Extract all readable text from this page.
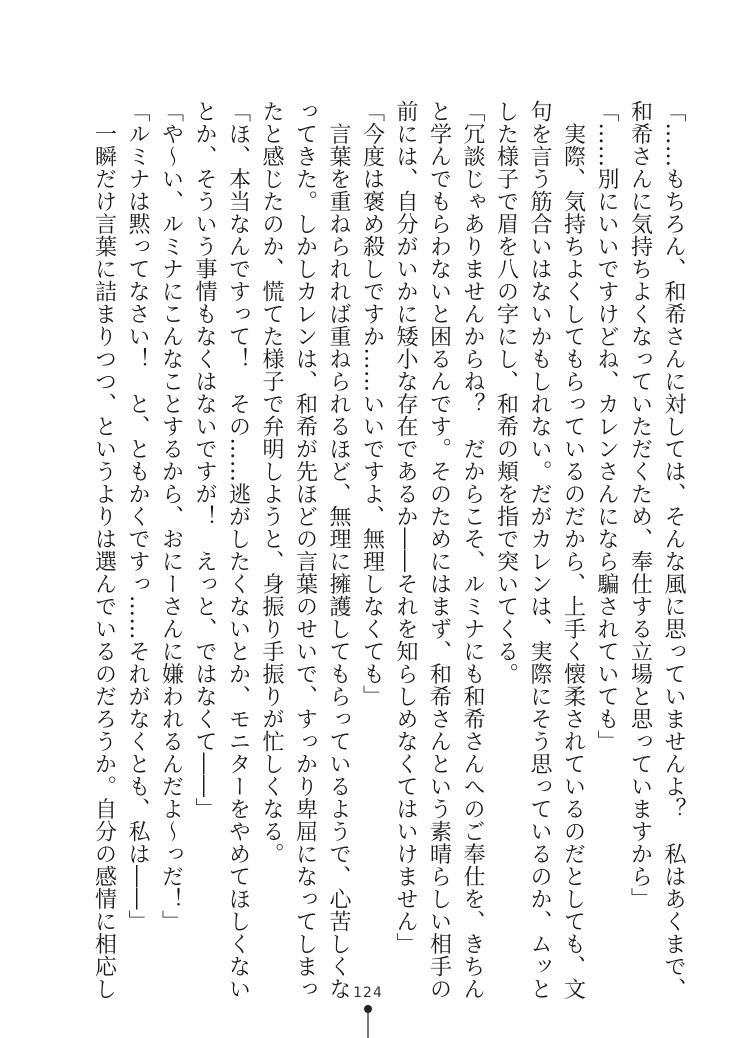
「……もちろん、和希さんに対しては、そんな風に思っていませんよ？　私はあくまで、

和希さんに気持ちよくなっていただくため、奉仕する立場と思っていますから」

「……別にいいですけどね、カレンさんになら騙されていても」

　実際、気持ちよくしてもらっているのだから、上手く懐柔されているのだとしても、文

句を言う筋合いはないかもしれない。だがカレンは、実際にそう思っているのか、ムッと

した様子で眉を八の字にし、和希の頬を指で突いてくる。

「冗談じゃありませんからね？　だからこそ、ルミナにも和希さんへのご奉仕を、きちん

と学んでもらわないと困るんです。そのためにはまず、和希さんという素晴らしい相手の

前には、自分がいかに矮小な存在であるか――それを知らしめなくてはいけません」

「今度は褒め殺しですか……いいですよ、無理しなくても」

　言葉を重ねられれば重ねられるほど、無理に擁護してもらっているようで、心苦しくな

ってきた。しかしカレンは、和希が先ほどの言葉のせいで、すっかり卑屈になってしまっ

たと感じたのか、慌てた様子で弁明しようと、身振り手振りが忙しくなる。

「ほ、本当なんですって！　その……逃がしたくないとか、モニターをやめてほしくない

とか、そういう事情もなくはないですが！　えっと、ではなくて――」

「や～い、ルミナにこんなことするから、おにーさんに嫌われるんだよ～っだ！」

「ルミナは黙ってなさい！　と、ともかくですっ……それがなくとも、私は――」

　一瞬だけ言葉に詰まりつつ、というよりは選んでいるのだろうか。自分の感情に相応し	124
